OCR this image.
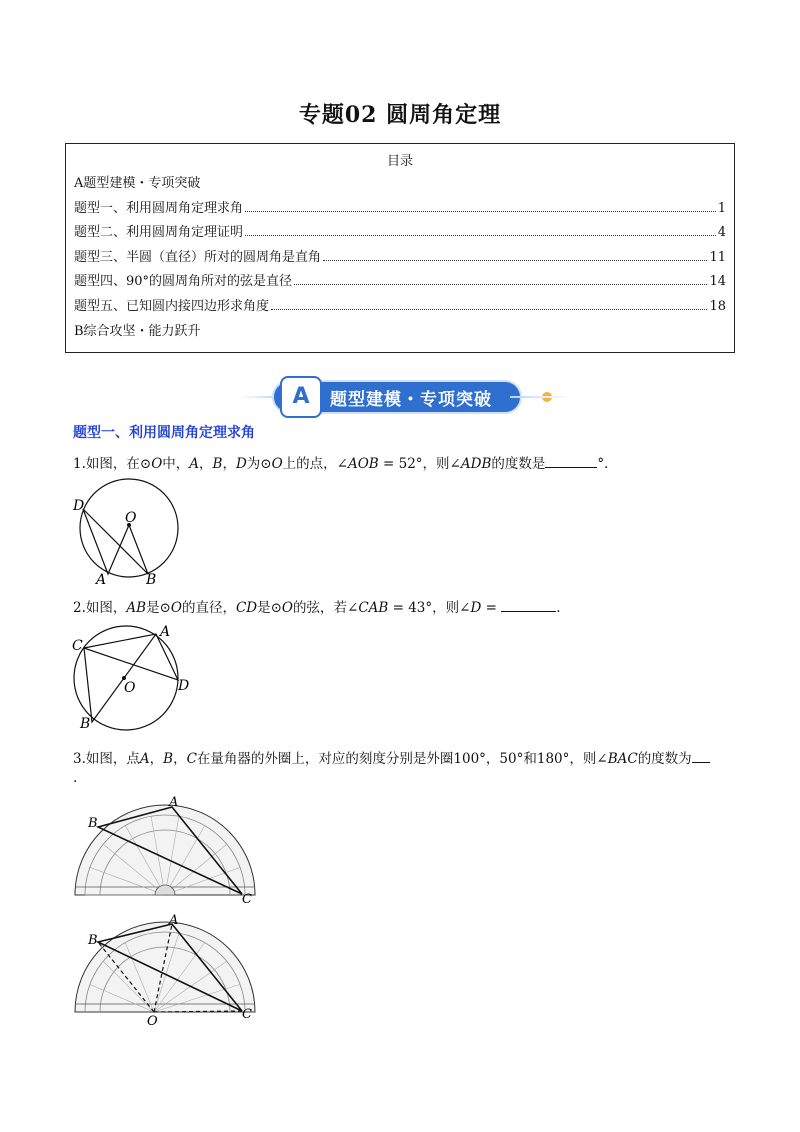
专题02 圆周角定理
目录
A题型建模・专项突破
题型一、利用圆周角定理求角	1
题型二、利用圆周角定理证明	4
题型三、半圆（直径）所对的圆周角是直角	11
题型四、90°的圆周角所对的弦是直径	14
题型五、已知圆内接四边形求角度	18
B综合攻坚・能力跃升
A	题型建模・专项突破
题型一、利用圆周角定理求角
1.如图，在⊙O中，A，B，D为⊙O上的点，∠AOB = 52°，则∠ADB的度数是	°．
D
O
A	B
2.如图，AB是⊙O的直径，CD是⊙O的弦，若∠CAB = 43°，则∠D =	.
C
A
O	D
B
3.如图，点A，B，C在量角器的外圈上，对应的刻度分别是外圈100°，50°和180°，则∠BAC的度数为
.
A
B
C
A
B
C
O
